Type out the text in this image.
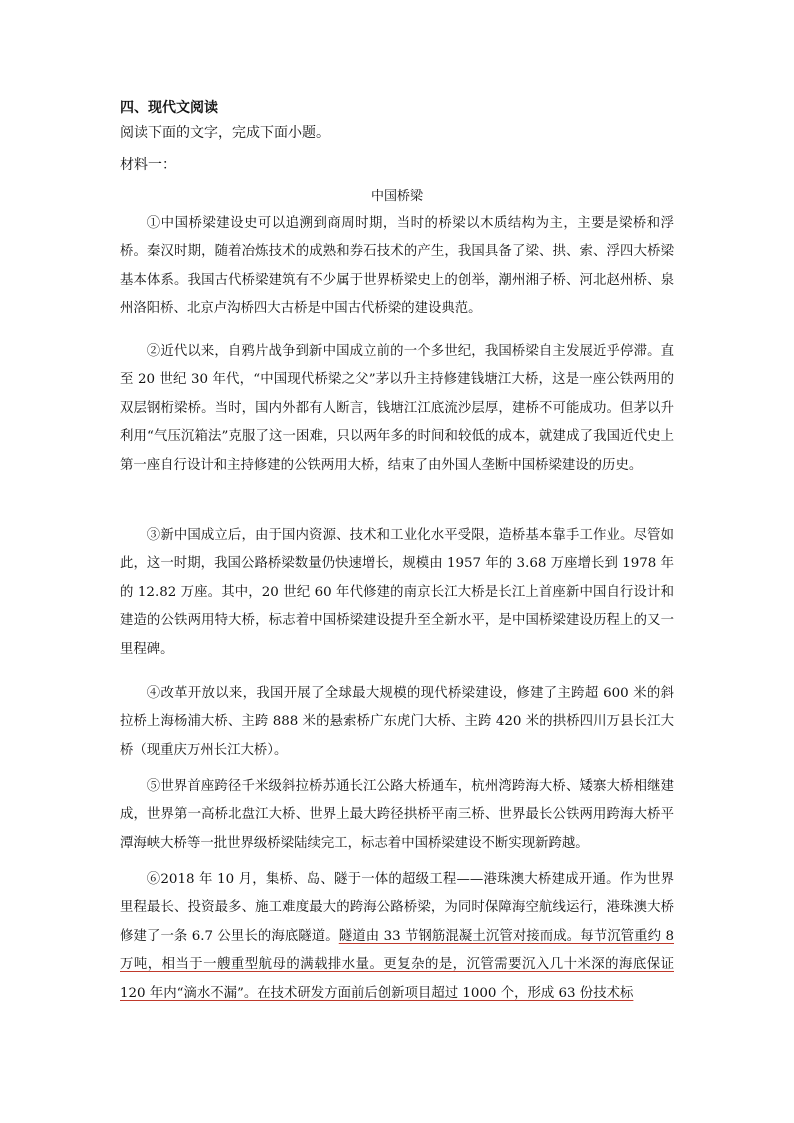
四、现代文阅读
阅读下面的文字，完成下面小题。
材料一：
中国桥梁
①中国桥梁建设史可以追溯到商周时期，当时的桥梁以木质结构为主，主要是梁桥和浮桥。秦汉时期，随着冶炼技术的成熟和券石技术的产生，我国具备了梁、拱、索、浮四大桥梁基本体系。我国古代桥梁建筑有不少属于世界桥梁史上的创举，潮州湘子桥、河北赵州桥、泉州洛阳桥、北京卢沟桥四大古桥是中国古代桥梁的建设典范。
②近代以来，自鸦片战争到新中国成立前的一个多世纪，我国桥梁自主发展近乎停滞。直至 20 世纪 30 年代，“中国现代桥梁之父”茅以升主持修建钱塘江大桥，这是一座公铁两用的双层钢桁梁桥。当时，国内外都有人断言，钱塘江江底流沙层厚，建桥不可能成功。但茅以升利用“气压沉箱法”克服了这一困难，只以两年多的时间和较低的成本，就建成了我国近代史上第一座自行设计和主持修建的公铁两用大桥，结束了由外国人垄断中国桥梁建设的历史。
③新中国成立后，由于国内资源、技术和工业化水平受限，造桥基本靠手工作业。尽管如此，这一时期，我国公路桥梁数量仍快速增长，规模由 1957 年的 3.68 万座增长到 1978 年的 12.82 万座。其中，20 世纪 60 年代修建的南京长江大桥是长江上首座新中国自行设计和建造的公铁两用特大桥，标志着中国桥梁建设提升至全新水平，是中国桥梁建设历程上的又一里程碑。
④改革开放以来，我国开展了全球最大规模的现代桥梁建设，修建了主跨超 600 米的斜拉桥上海杨浦大桥、主跨 888 米的悬索桥广东虎门大桥、主跨 420 米的拱桥四川万县长江大桥（现重庆万州长江大桥）。
⑤世界首座跨径千米级斜拉桥苏通长江公路大桥通车，杭州湾跨海大桥、矮寨大桥相继建成，世界第一高桥北盘江大桥、世界上最大跨径拱桥平南三桥、世界最长公铁两用跨海大桥平潭海峡大桥等一批世界级桥梁陆续完工，标志着中国桥梁建设不断实现新跨越。
⑥2018 年 10 月，集桥、岛、隧于一体的超级工程——港珠澳大桥建成开通。作为世界里程最长、投资最多、施工难度最大的跨海公路桥梁，为同时保障海空航线运行，港珠澳大桥修建了一条 6.7 公里长的海底隧道。隧道由 33 节钢筋混凝土沉管对接而成。每节沉管重约 8 万吨，相当于一艘重型航母的满载排水量。更复杂的是，沉管需要沉入几十米深的海底保证 120 年内“滴水不漏”。在技术研发方面前后创新项目超过 1000 个，形成 63 份技术标
